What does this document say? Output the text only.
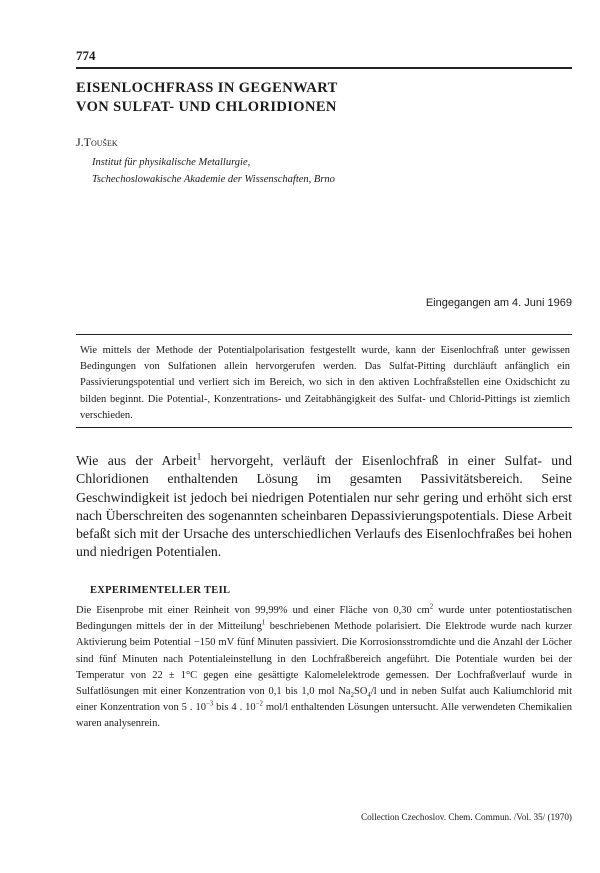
774
EISENLOCHFRASS IN GEGENWART
VON SULFAT- UND CHLORIDIONEN
J.Toušek
Institut für physikalische Metallurgie,
Tschechoslowakische Akademie der Wissenschaften, Brno
Eingegangen am 4. Juni 1969

Wie mittels der Methode der Potentialpolarisation festgestellt wurde, kann der Eisenlochfraß unter gewissen Bedingungen von Sulfationen allein hervorgerufen werden. Das Sulfat-Pitting durchläuft anfänglich ein Passivierungspotential und verliert sich im Bereich, wo sich in den aktiven Lochfraßstellen eine Oxidschicht zu bilden beginnt. Die Potential-, Konzentrations- und Zeitabhängigkeit des Sulfat- und Chlorid-Pittings ist ziemlich verschieden.

Wie aus der Arbeit$^1$ hervorgeht, verläuft der Eisenlochfraß in einer Sulfat- und Chloridionen enthaltenden Lösung im gesamten Passivitätsbereich. Seine Geschwindigkeit ist jedoch bei niedrigen Potentialen nur sehr gering und erhöht sich erst nach Überschreiten des sogenannten scheinbaren Depassivierungspotentials. Diese Arbeit befaßt sich mit der Ursache des unterschiedlichen Verlaufs des Eisenlochfraßes bei hohen und niedrigen Potentialen.

EXPERIMENTELLER TEIL

Die Eisenprobe mit einer Reinheit von 99,99% und einer Fläche von 0,30 $cm^2$ wurde unter potentiostatischen Bedingungen mittels der in der Mitteilung$^1$ beschriebenen Methode polarisiert. Die Elektrode wurde nach kurzer Aktivierung beim Potential −150 mV fünf Minuten passiviert. Die Korrosionsstromdichte und die Anzahl der Löcher sind fünf Minuten nach Potentialeinstellung in den Lochfraßbereich angeführt. Die Potentiale wurden bei der Temperatur von 22 ± 1°C gegen eine gesättigte Kalomelelektrode gemessen. Der Lochfraßverlauf wurde in Sulfatlösungen mit einer Konzentration von 0,1 bis 1,0 mol $Na_2SO_4/l$ und in neben Sulfat auch Kaliumchlorid mit einer Konzentration von 5 . $10^{-3}$ bis 4 . $10^{-2}$ mol/l enthaltenden Lösungen untersucht. Alle verwendeten Chemikalien waren analysenrein.

Collection Czechoslov. Chem. Commun. /Vol. 35/ (1970)
